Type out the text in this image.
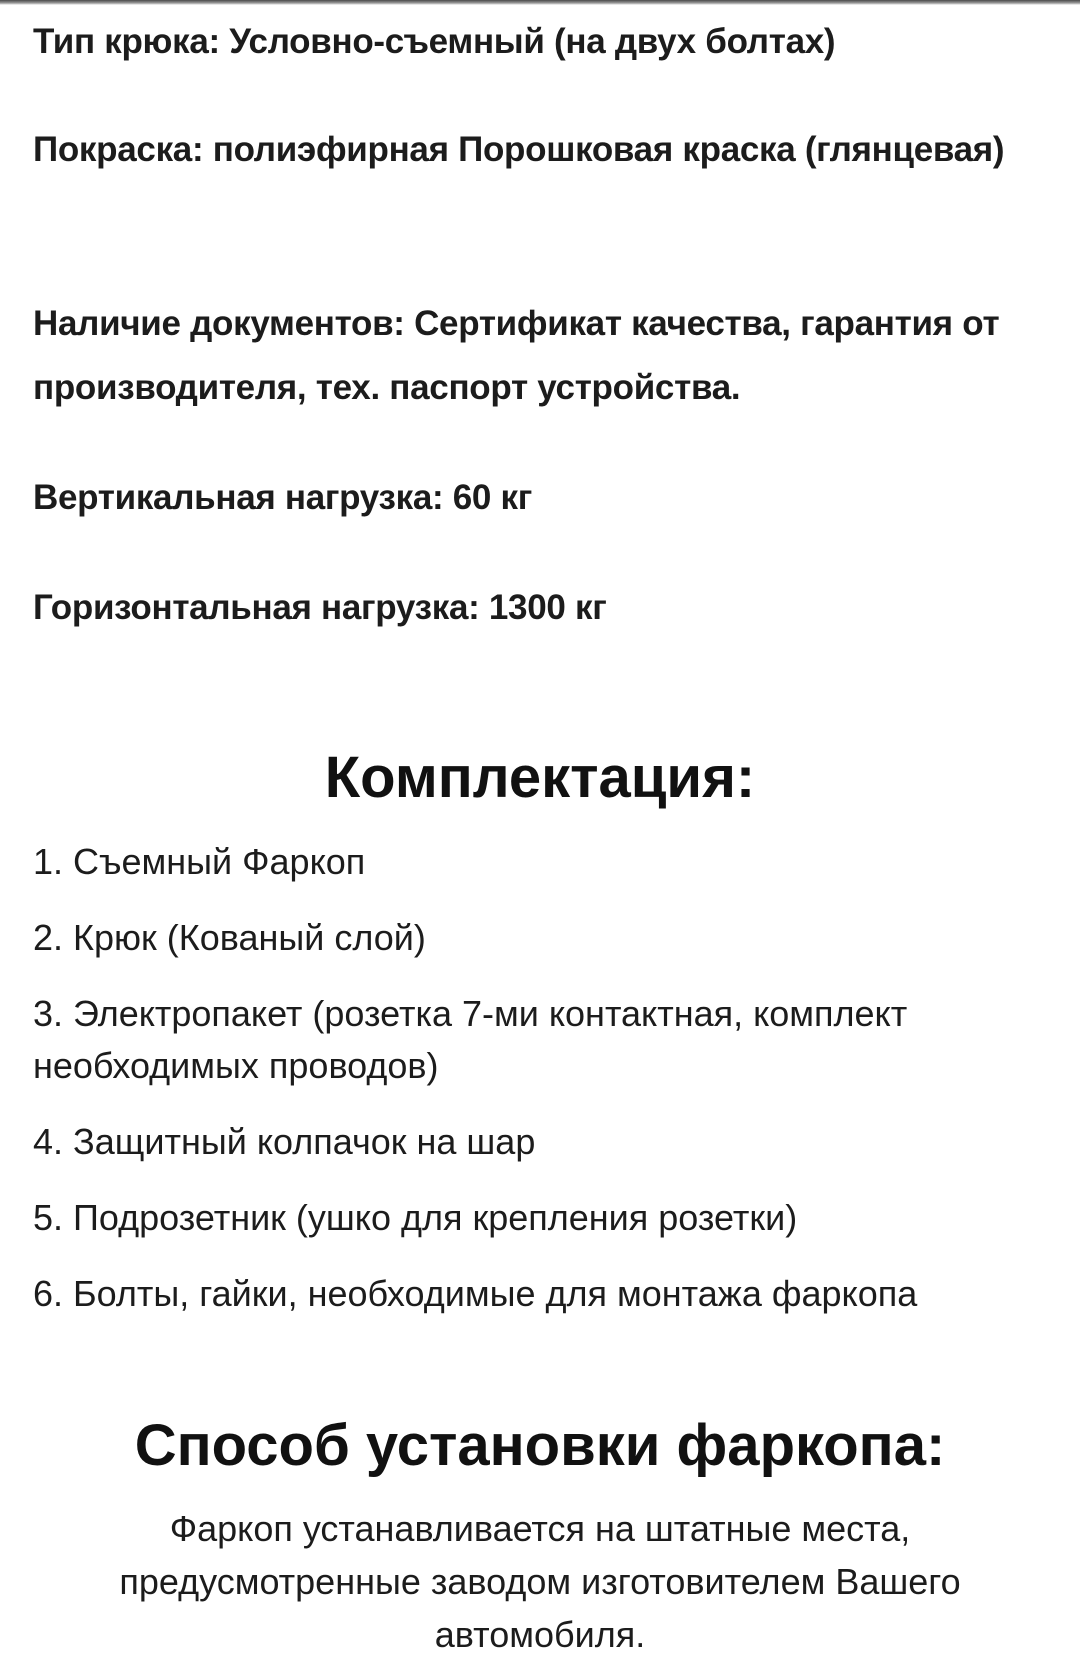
Тип крюка: Условно-съемный (на двух болтах)

Покраска: полиэфирная Порошковая краска (глянцевая)

Наличие документов: Сертификат качества, гарантия от производителя, тех. паспорт устройства.

Вертикальная нагрузка: 60 кг

Горизонтальная нагрузка: 1300 кг

Комплектация:
1. Съемный Фаркоп
2. Крюк (Кованый слой)
3. Электропакет (розетка 7-ми контактная, комплект необходимых проводов)
4. Защитный колпачок на шар
5. Подрозетник (ушко для крепления розетки)
6. Болты, гайки, необходимые для монтажа фаркопа
Способ установки фаркопа:

Фаркоп устанавливается на штатные места, предусмотренные заводом изготовителем Вашего автомобиля.
